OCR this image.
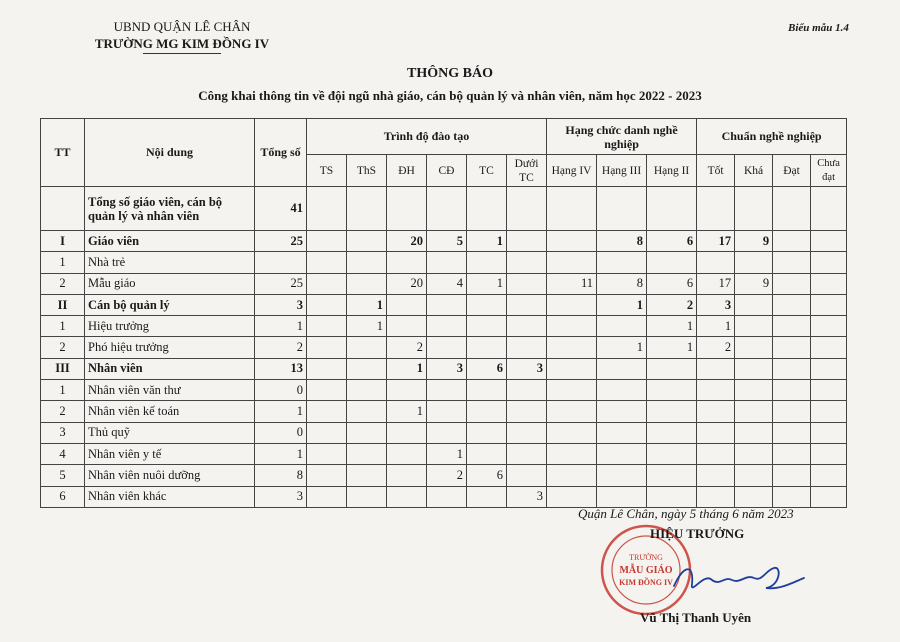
UBND QUẬN LÊ CHÂN
TRƯỜNG MG KIM ĐỒNG IV
Biểu mẫu 1.4
THÔNG BÁO
Công khai thông tin về đội ngũ nhà giáo, cán bộ quản lý và nhân viên, năm học 2022 - 2023
TT	Nội dung	Tổng số	Trình độ đào tạo						Hạng chức danh nghề nghiệp			Chuẩn nghề nghiệp			
			TS	ThS	ĐH	CĐ	TC	Dưới TC	Hạng IV	Hạng III	Hạng II	Tốt	Khá	Đạt	Chưa đạt
	Tổng số giáo viên, cán bộ quản lý và nhân viên	41													
I	Giáo viên	25			20	5	1			8	6	17	9		
1	Nhà trẻ														
2	Mẫu giáo	25			20	4	1		11	8	6	17	9		
II	Cán bộ quản lý	3		1						1	2	3			
1	Hiệu trưởng	1		1							1	1			
2	Phó hiệu trưởng	2			2					1	1	2			
III	Nhân viên	13			1	3	6	3							
1	Nhân viên văn thư	0													
2	Nhân viên kế toán	1			1										
3	Thủ quỹ	0													
4	Nhân viên y tế	1				1									
5	Nhân viên nuôi dưỡng	8				2	6								
6	Nhân viên khác	3						3							
Quận Lê Chân, ngày 5 tháng 6 năm 2023
TRƯỜNG
MẪU GIÁO
KIM ĐỒNG IV
HIỆU TRƯỞNG
Vũ Thị Thanh Uyên
